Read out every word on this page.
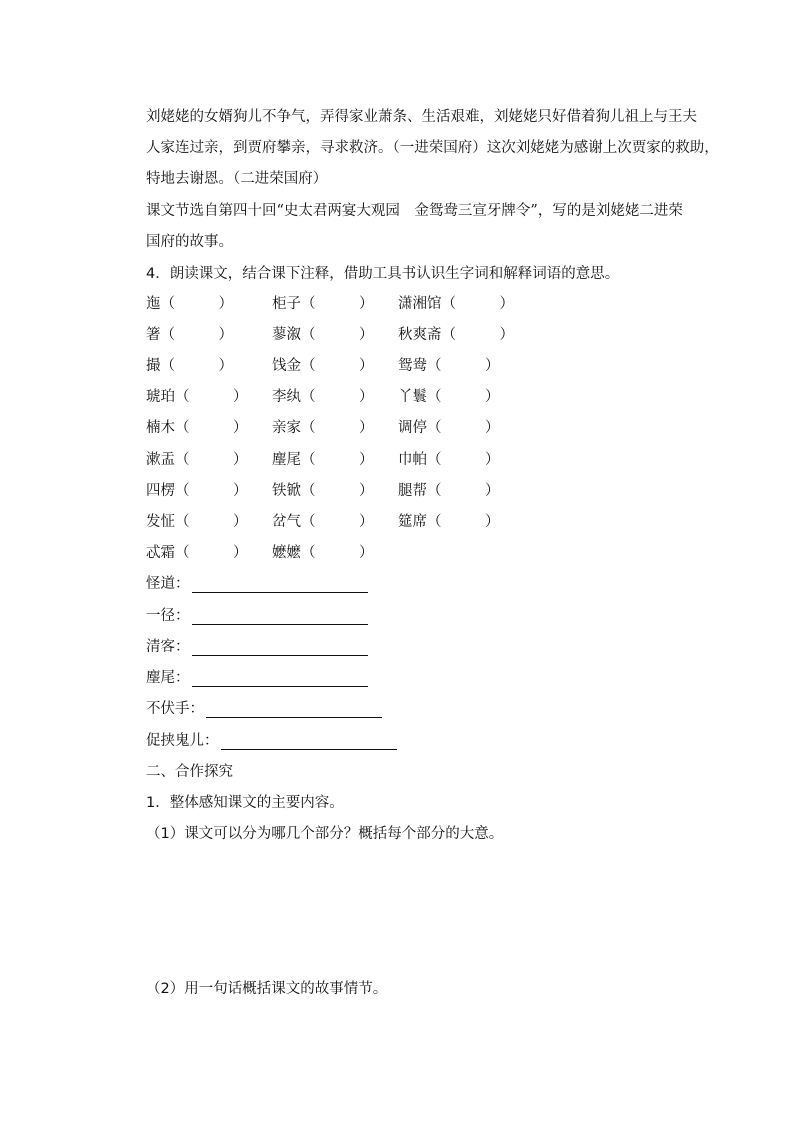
刘姥姥的女婿狗儿不争气，弄得家业萧条、生活艰难，刘姥姥只好借着狗儿祖上与王夫
人家连过亲，到贾府攀亲，寻求救济。（一进荣国府）这次刘姥姥为感谢上次贾家的救助，
特地去谢恩。（二进荣国府）
课文节选自第四十回“史太君两宴大观园　金鸳鸯三宣牙牌令”，写的是刘姥姥二进荣
国府的故事。
4．朗读课文，结合课下注释，借助工具书认识生字词和解释词语的意思。
迤（　　　）
箸（　　　）
撮（　　　）
琥珀（　　　）
楠木（　　　）
漱盂（　　　）
四楞（　　　）
发怔（　　　）
忒霜（　　　）
柜子（　　　）
蓼溆（　　　）
饯金（　　　）
李纨（　　　）
亲家（　　　）
麈尾（　　　）
铁锨（　　　）
岔气（　　　）
嬷嬷（　　　）
潇湘馆（　　　）
秋爽斋（　　　）
鸳鸯（　　　）
丫鬟（　　　）
调停（　　　）
巾帕（　　　）
腿帮（　　　）
筵席（　　　）
怪道：
一径：
清客：
麈尾：
不伏手：
促挟鬼儿：
二、合作探究
1．整体感知课文的主要内容。
（1）课文可以分为哪几个部分？概括每个部分的大意。
（2）用一句话概括课文的故事情节。
